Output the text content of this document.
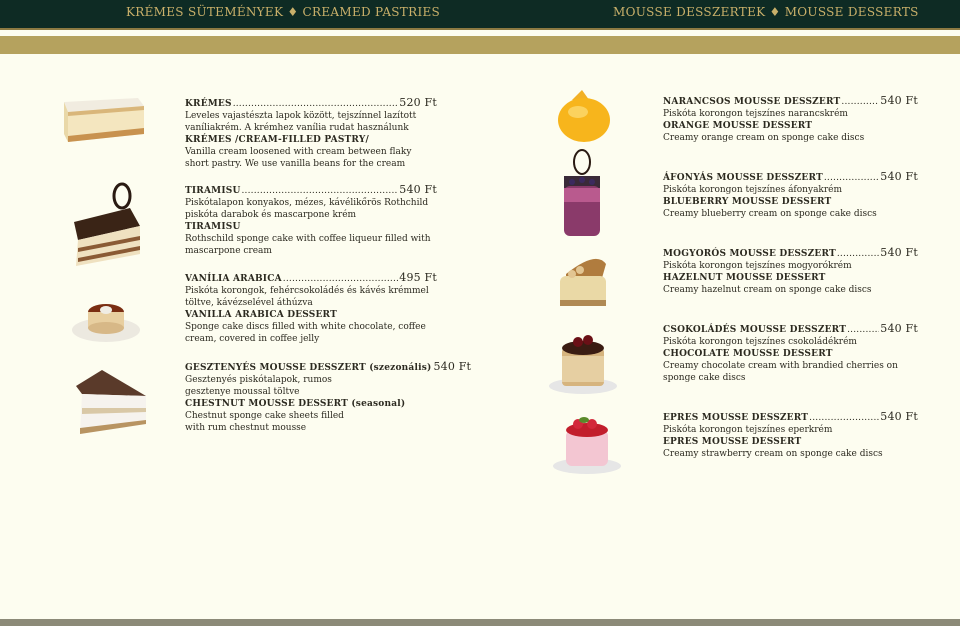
KRÉMES SÜTEMÉNYEK ♦ CREAMED PASTRIES	MOUSSE DESSZERTEK ♦ MOUSSE DESSERTS
KRÉMES .....	520 Ft

Leveles vajastészta lapok között, tejszínnel lazított vaníliakrém. A krémhez vanília rudat használunk

KRÉMES /CREAM-FILLED PASTRY/

Vanilla cream loosened with cream between flaky short pastry. We use vanilla beans for the cream

TIRAMISU .....	540 Ft

Piskótalapon konyakos, mézes, kávélikőrös Rothchild piskóta darabok és mascarpone krém

TIRAMISU

Rothschild sponge cake with coffee liqueur filled with mascarpone cream

VANÍLIA ARABICA .....	495 Ft

Piskóta korongok, fehércsokoládés és kávés krémmel töltve, kávézselével áthúzva

VANILLA ARABICA DESSERT

Sponge cake discs filled with white chocolate, coffee cream, covered in coffee jelly

GESZTENYÉS MOUSSE DESSZERT (szezonális) 540 Ft

Gesztenyés piskótalapok, rumos gesztenye moussal töltve

CHESTNUT MOUSSE DESSERT (seasonal)

Chestnut sponge cake sheets filled with rum chestnut mousse

NARANCSOS MOUSSE DESSZERT .....	540 Ft

Piskóta korongon tejszínes narancskrém

ORANGE MOUSSE DESSERT

Creamy orange cream on sponge cake discs

ÁFONYÁS MOUSSE DESSZERT .....	540 Ft

Piskóta korongon tejszínes áfonyakrém

BLUEBERRY MOUSSE DESSERT

Creamy blueberry cream on sponge cake discs

MOGYORÓS MOUSSE DESSZERT .....	540 Ft

Piskóta korongon tejszínes mogyorókrém

HAZELNUT MOUSSE DESSERT

Creamy hazelnut cream on sponge cake discs

CSOKOLÁDÉS MOUSSE DESSZERT .....	540 Ft

Piskóta korongon tejszínes csokoládékrém

CHOCOLATE MOUSSE DESSERT

Creamy chocolate cream with brandied cherries on sponge cake discs

EPRES MOUSSE DESSZERT .....	540 Ft

Piskóta korongon tejszínes eperkrém

EPRES MOUSSE DESSERT

Creamy strawberry cream on sponge cake discs
